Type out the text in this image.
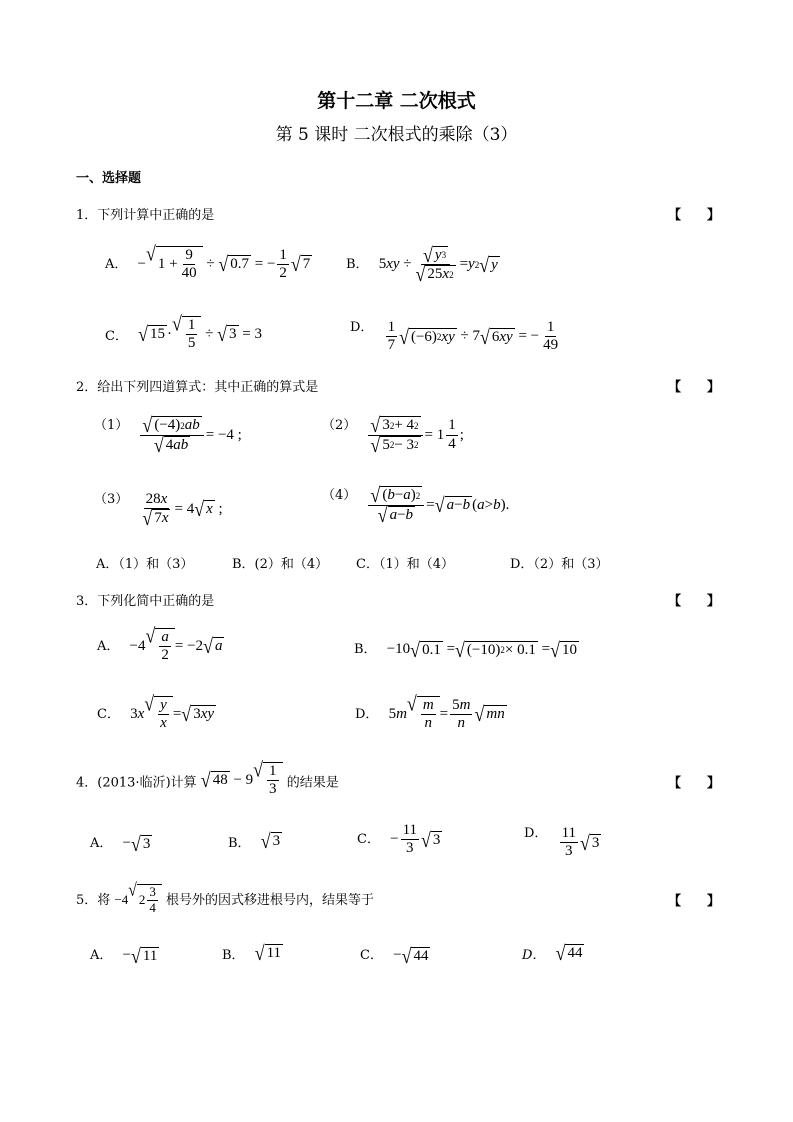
第十二章 二次根式
第 5 课时 二次根式的乘除（3）
一、选择题
1．下列计算中正确的是	【　　】
A． − √ $1 + \frac{9}{40}$ ÷ √ 0.7 = − $\frac{1}{2}$ √ 7	B． 5 xy ÷ $\frac{√ y 3}{√ 25 x 2} = y$ 2 √ y
C． √ 15 · √ $\frac{1}{5}$ ÷ √ 3 = 3	D． $\frac{1}{7}$ √ (−6) 2 xy ÷ 7 √ 6 xy = − $\frac{1}{49}$
2．给出下列四道算式：其中正确的算式是	【　　】
$(1) \frac{√ (-4) 2 ab}{√ 4 ab} = -4$ ;
$(2) \frac{√ 3 2 + 4 2}{√ 5 2 - 3 2} = 1 \frac{1}{4}$ ;
$(3) \frac{28x}{√ 7 x} = 4$ √ x ;
$(4) \frac{√ ( b - a ) 2}{√ a - b}$ = √ a − b ( a > b ).
A．（1）和（3）	B．(2）和（4） C．（1）和（4）	D．（2）和（3）
3．下列化简中正确的是	【　　】
A． −4 √ $\frac{a}{2} = -2$ √ a	B． −10 √ 0.1 = √ (−10) 2 × 0.1 = √ 10
C． 3 x √ $\frac{y}{x}$ = √ 3 xy	D． 5 m √ $\frac{m}{n} = \frac{5m}{n}$ √ mn
4．(2013·临沂)计算 √ 48 − 9 √ $\frac{1}{3}$ 的结果是	【　　】
A． − √ 3	B． √ 3	C． − $\frac{11}{3}$ √ 3	D． $\frac{11}{3}$ √ 3
5．将 −4 √ $2 \frac{3}{4}$ 根号外的因式移进根号内，结果等于	【　　】
A． − √ 11	B． √ 11	C． − √ 44	D． √ 44
